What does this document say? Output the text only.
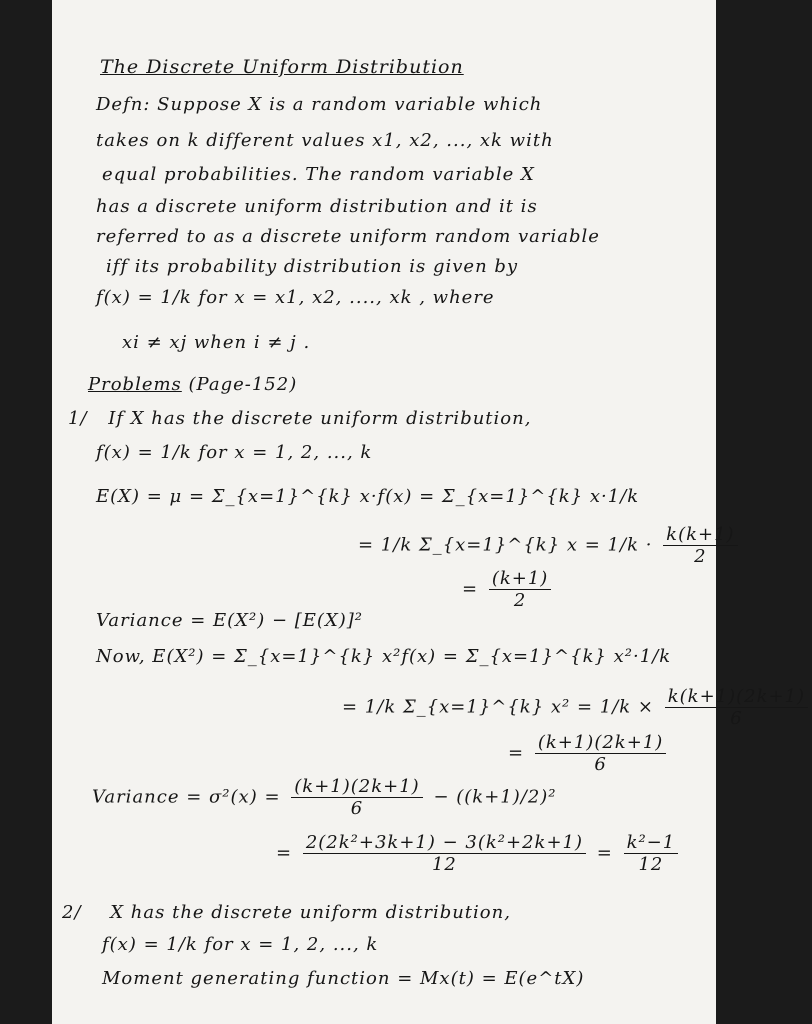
The Discrete Uniform Distribution
Defn: Suppose X is a random variable which
takes on k different values x1, x2, ..., xk with
equal probabilities. The random variable X
has a discrete uniform distribution and it is
referred to as a discrete uniform random variable
iff its probability distribution is given by
f(x) = 1/k for x = x1, x2, ...., xk , where
xi ≠ xj when i ≠ j .
Problems (Page-152)
1/ If X has the discrete uniform distribution,
f(x) = 1/k for x = 1, 2, ..., k
E(X) = μ = Σ_{x=1}^{k} x·f(x) = Σ_{x=1}^{k} x·1/k
= 1/k Σ_{x=1}^{k} $x = 1/k \cdot \frac{k(k+1)}{2}$
= $\frac{(k+1)}{2}$
Variance = E(X²) − [E(X)]²
Now, E(X²) = Σ_{x=1}^{k} x²f(x) = Σ_{x=1}^{k} x²·1/k
= 1/k Σ_{x=1}^{k} $x^2 = 1/k \times \frac{k(k+1)(2k+1)}{6}$
= $\frac{(k+1)(2k+1)}{6}$
Variance = $\sigma^2(x) = \frac{(k+1)(2k+1)}{6} - ((k+1)/2)^2$
= $\frac{\text{2(2k²+3k+1) − 3(k²+2k+1)}}{12} = \frac{\text{k²−1}}{12}$
2/ X has the discrete uniform distribution,
f(x) = 1/k for x = 1, 2, ..., k
Moment generating function = Mx(t) = E(e^tX)
